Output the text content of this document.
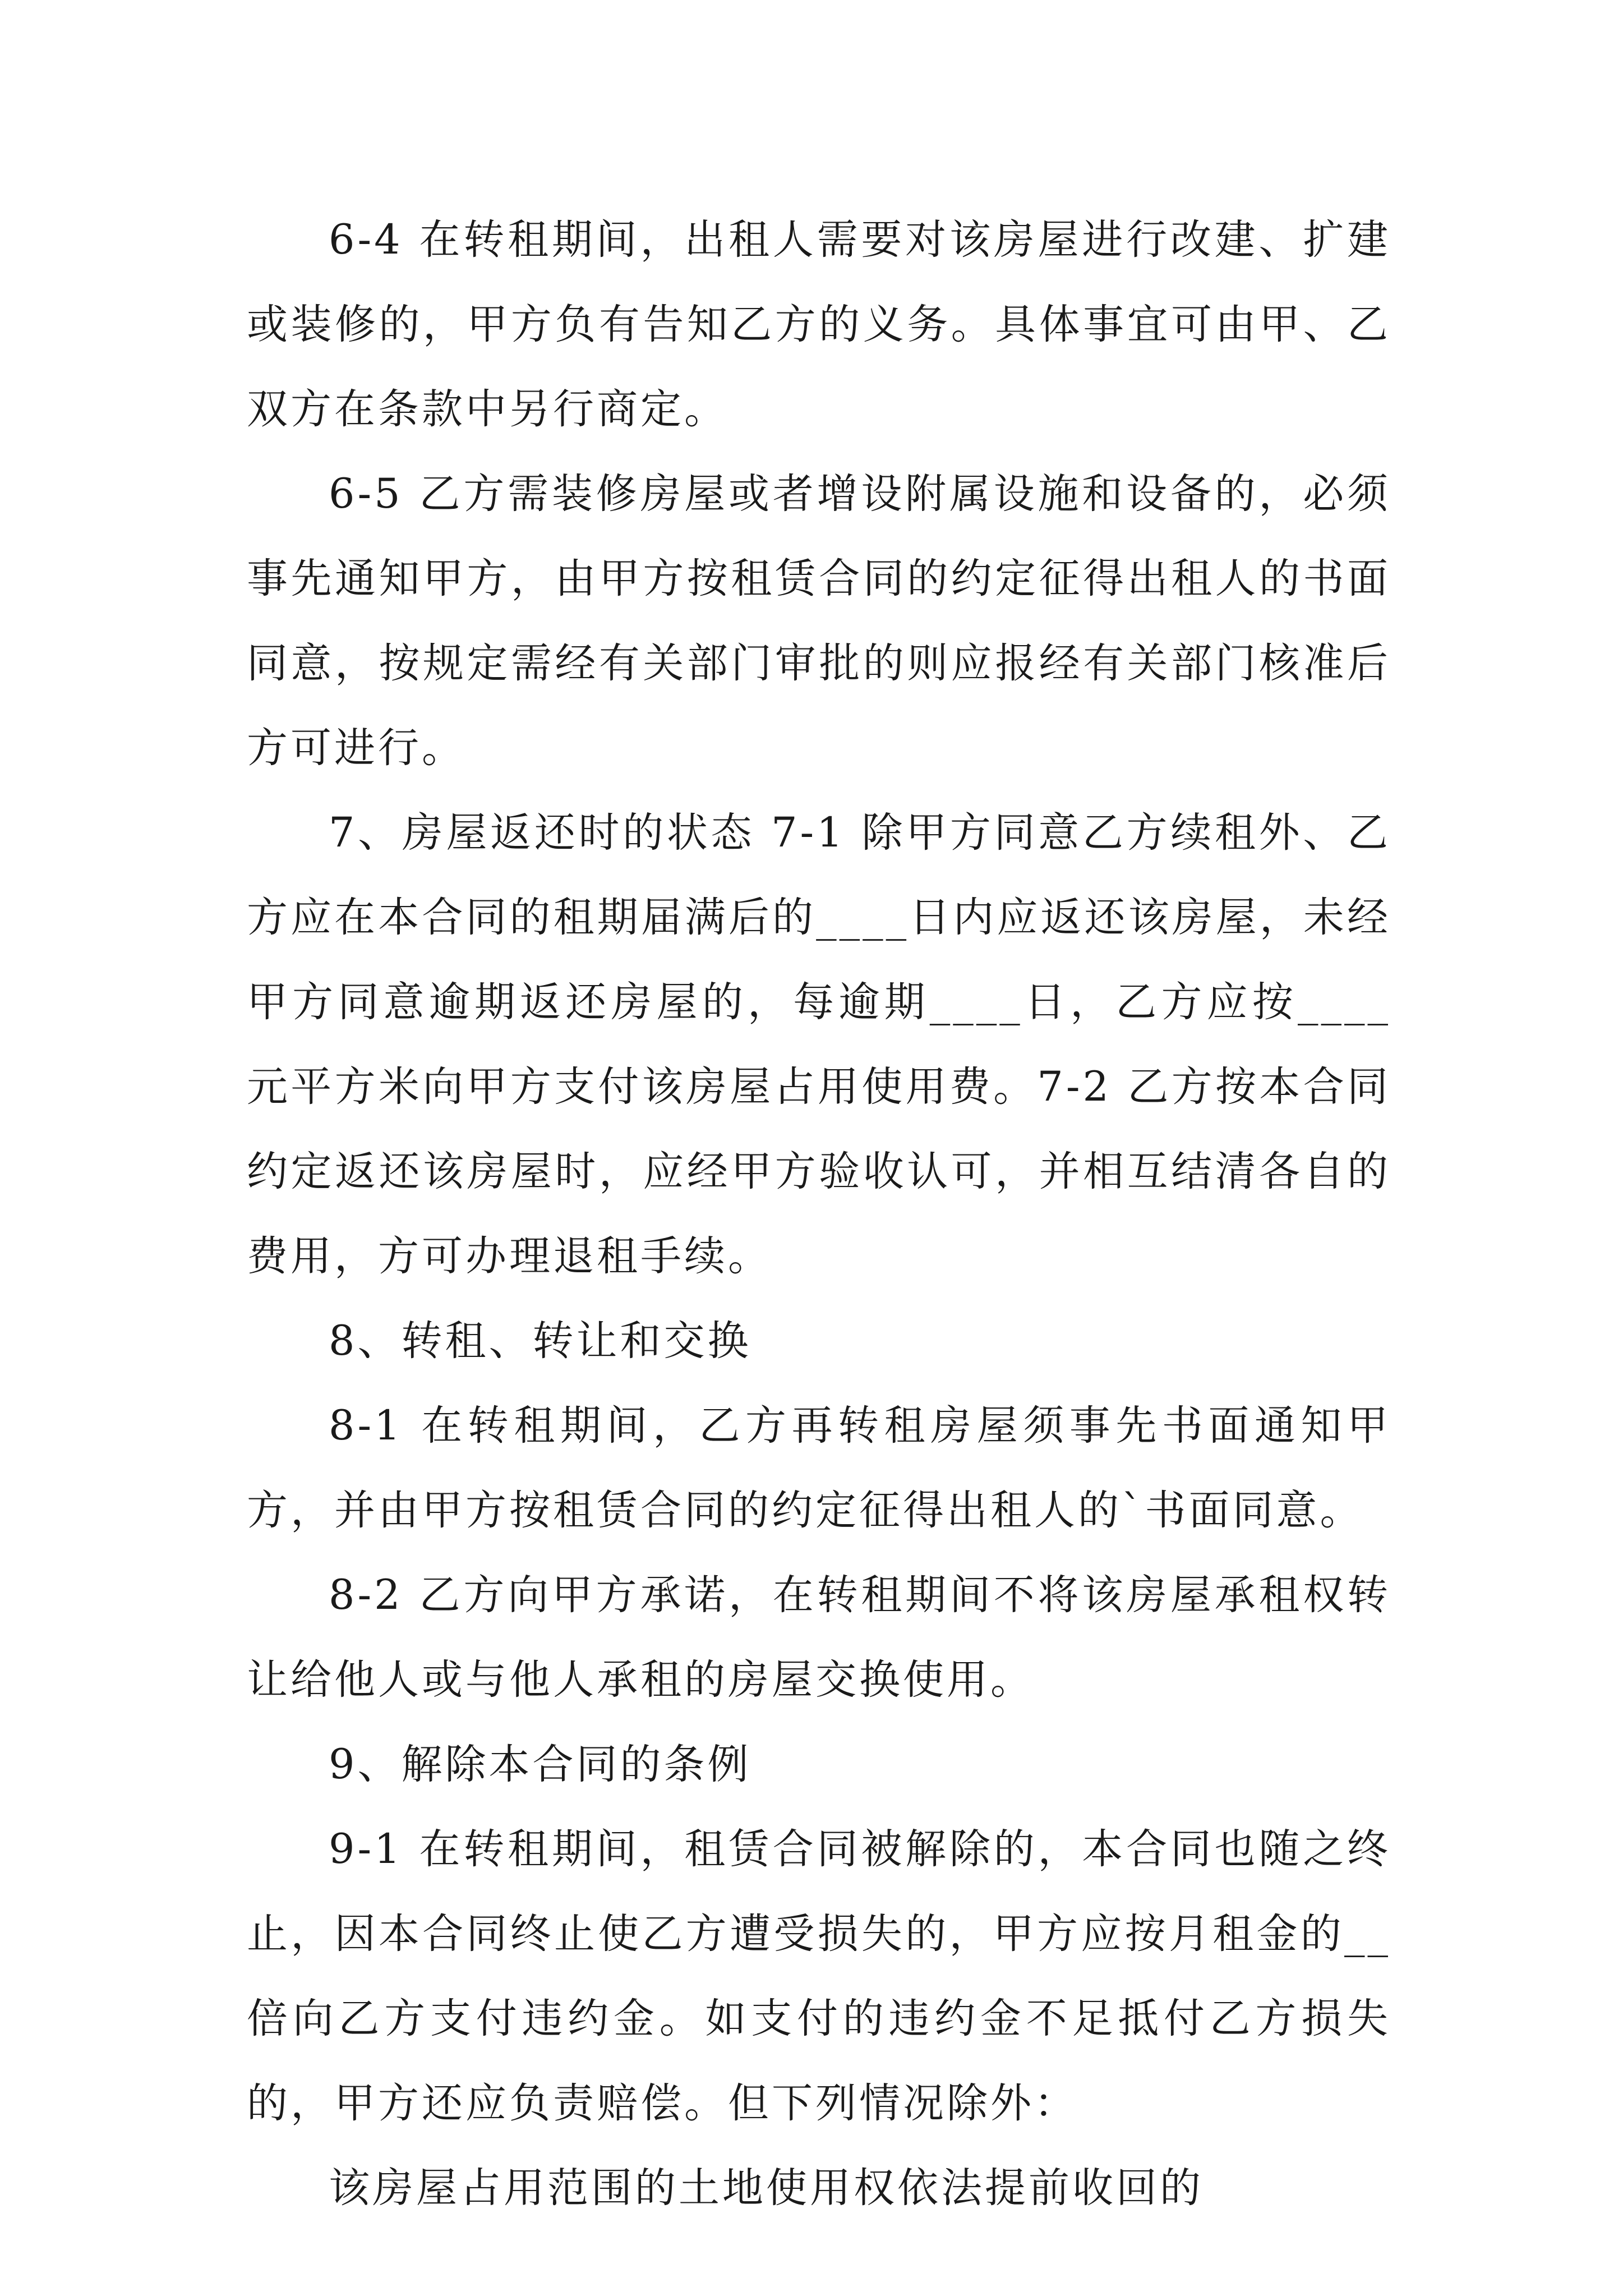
6-4 在转租期间，出租人需要对该房屋进行改建、扩建或装修的，甲方负有告知乙方的义务。具体事宜可由甲、乙双方在条款中另行商定。

6-5 乙方需装修房屋或者增设附属设施和设备的，必须事先通知甲方，由甲方按租赁合同的约定征得出租人的书面同意，按规定需经有关部门审批的则应报经有关部门核准后方可进行。

7、房屋返还时的状态 7-1 除甲方同意乙方续租外、乙方应在本合同的租期届满后的____日内应返还该房屋，未经甲方同意逾期返还房屋的，每逾期____日，乙方应按____元平方米向甲方支付该房屋占用使用费。7-2 乙方按本合同约定返还该房屋时，应经甲方验收认可，并相互结清各自的费用，方可办理退租手续。

8、转租、转让和交换

8-1 在转租期间，乙方再转租房屋须事先书面通知甲方，并由甲方按租赁合同的约定征得出租人的`书面同意。

8-2 乙方向甲方承诺，在转租期间不将该房屋承租权转让给他人或与他人承租的房屋交换使用。

9、解除本合同的条例

9-1 在转租期间，租赁合同被解除的，本合同也随之终止，因本合同终止使乙方遭受损失的，甲方应按月租金的__倍向乙方支付违约金。如支付的违约金不足抵付乙方损失的，甲方还应负责赔偿。但下列情况除外：

该房屋占用范围的土地使用权依法提前收回的
